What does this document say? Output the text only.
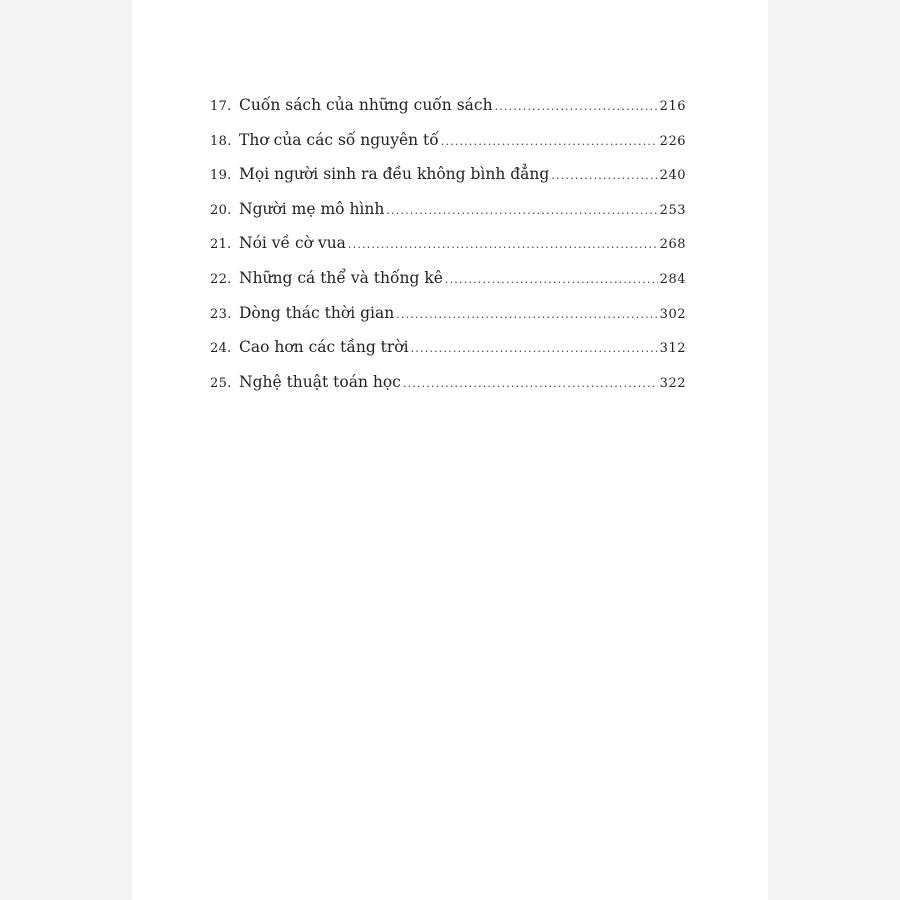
17. Cuốn sách của những cuốn sách .....	216
18. Thơ của các số nguyên tố .....	226
19. Mọi người sinh ra đều không bình đẳng .....	240
20. Người mẹ mô hình .....	253
21. Nói về cờ vua .....	268
22. Những cá thể và thống kê .....	284
23. Dòng thác thời gian .....	302
24. Cao hơn các tầng trời .....	312
25. Nghệ thuật toán học .....	322
